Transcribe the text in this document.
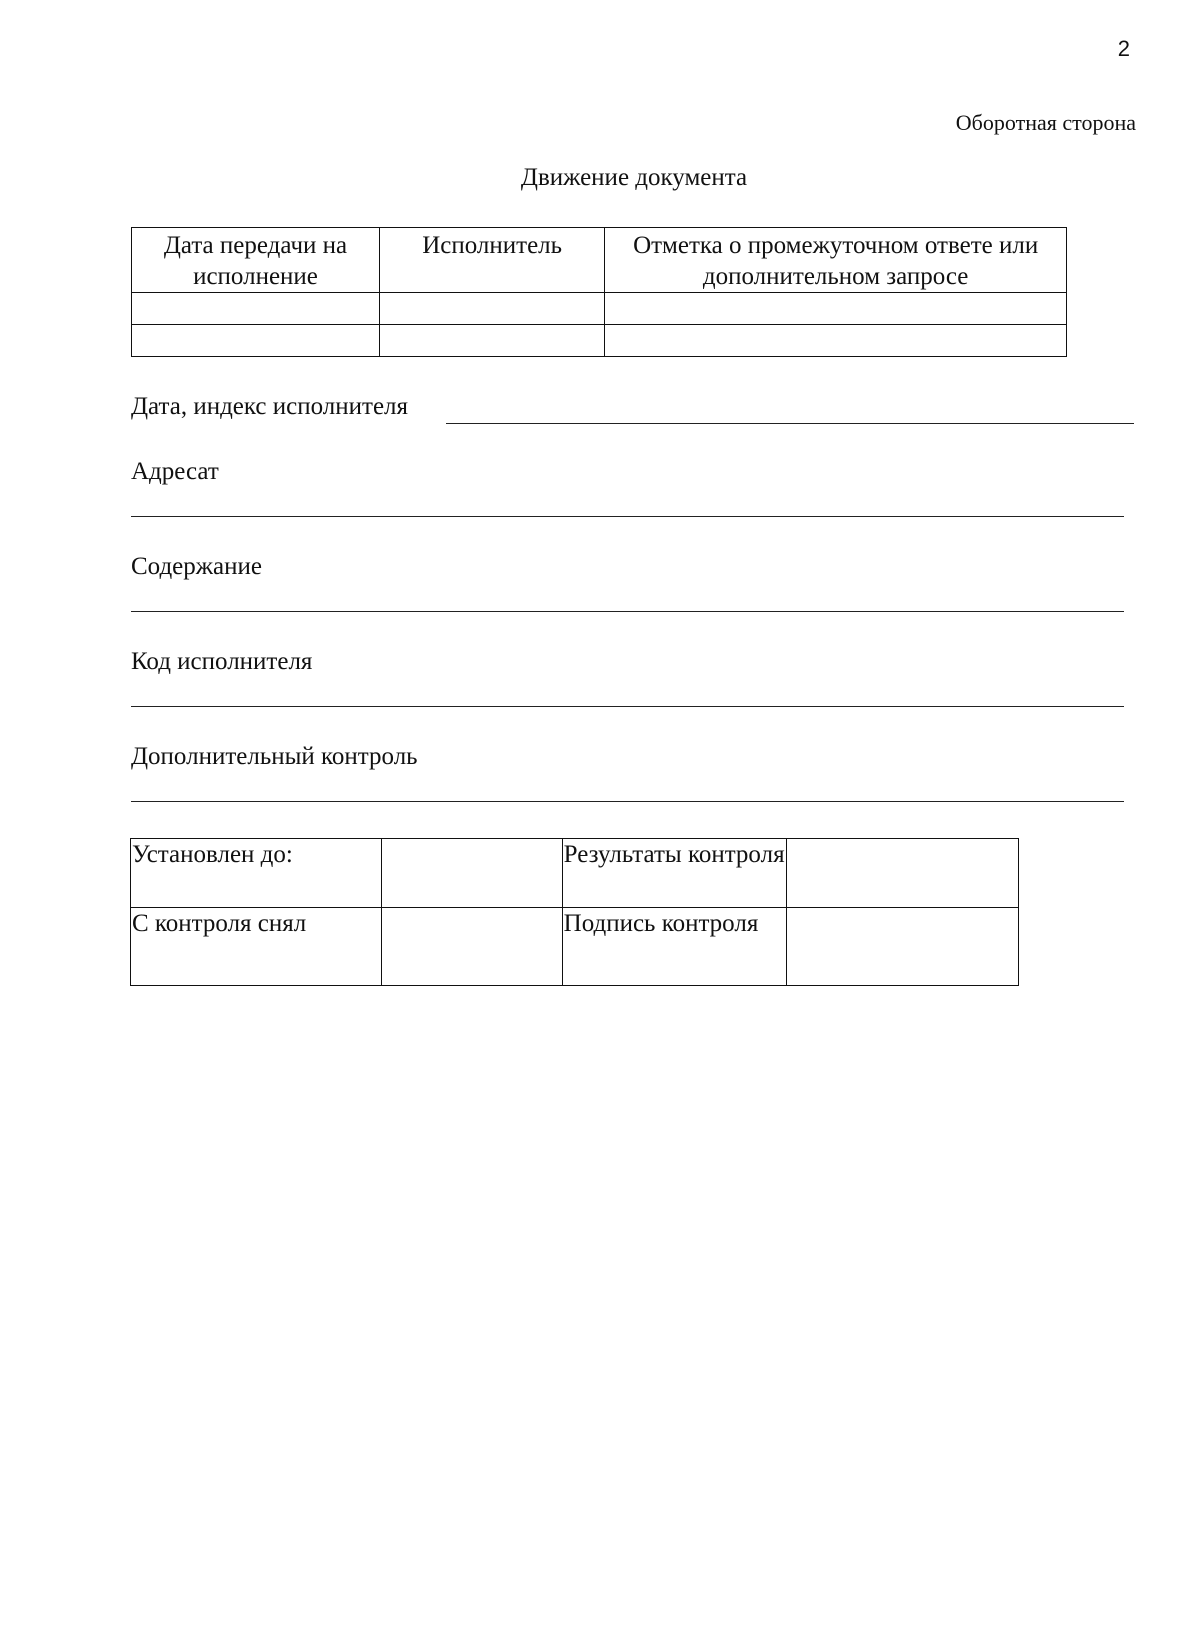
2
Оборотная сторона
Движение документа
Дата передачи на исполнение	Исполнитель	Отметка о промежуточном ответе или дополнительном запросе

Дата, индекс исполнителя
Адресат
Содержание
Код исполнителя
Дополнительный контроль
Установлен до:		Результаты контроля	
С контроля снял		Подпись контроля	
